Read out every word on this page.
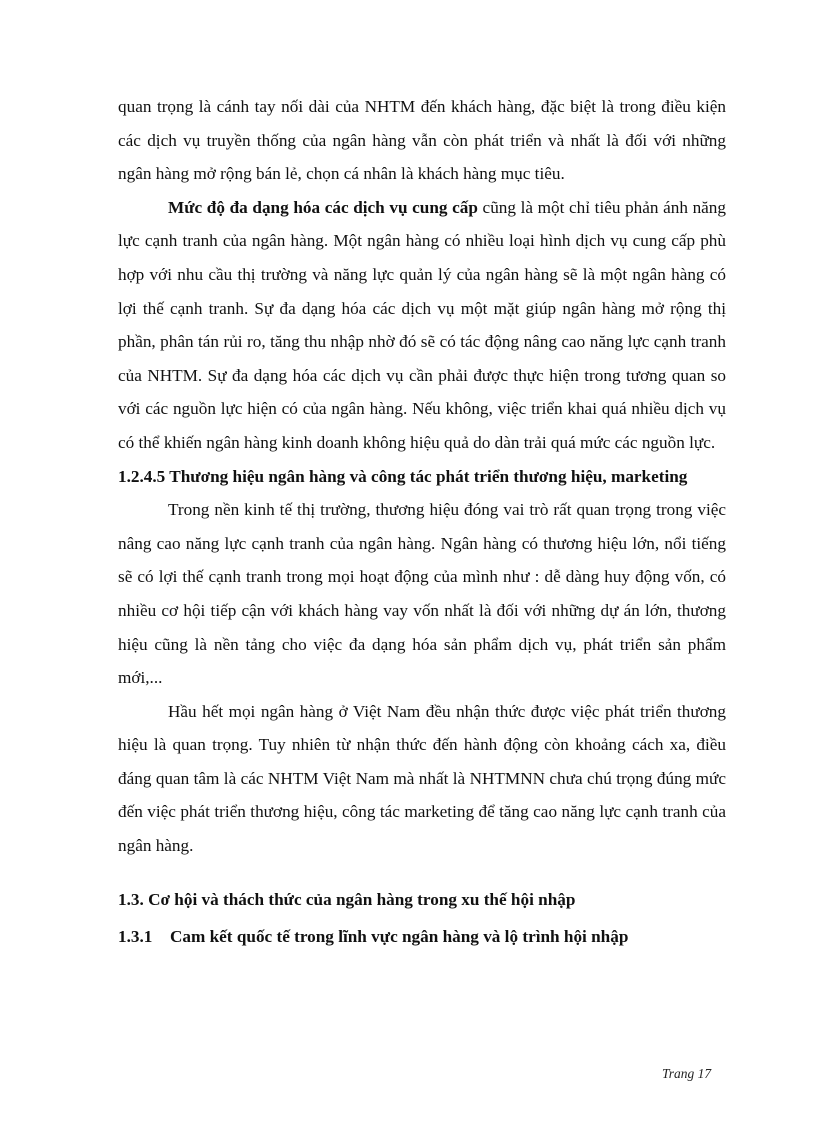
quan trọng là cánh tay nối dài của NHTM đến khách hàng, đặc biệt là trong điều kiện các dịch vụ truyền thống của ngân hàng vẫn còn phát triển và nhất là đối với những ngân hàng mở rộng bán lẻ, chọn cá nhân là khách hàng mục tiêu.

Mức độ đa dạng hóa các dịch vụ cung cấp cũng là một chỉ tiêu phản ánh năng lực cạnh tranh của ngân hàng. Một ngân hàng có nhiều loại hình dịch vụ cung cấp phù hợp với nhu cầu thị trường và năng lực quản lý của ngân hàng sẽ là một ngân hàng có lợi thế cạnh tranh. Sự đa dạng hóa các dịch vụ một mặt giúp ngân hàng mở rộng thị phần, phân tán rủi ro, tăng thu nhập nhờ đó sẽ có tác động nâng cao năng lực cạnh tranh của NHTM. Sự đa dạng hóa các dịch vụ cần phải được thực hiện trong tương quan so với các nguồn lực hiện có của ngân hàng. Nếu không, việc triển khai quá nhiều dịch vụ có thể khiến ngân hàng kinh doanh không hiệu quả do dàn trải quá mức các nguồn lực.

1.2.4.5 Thương hiệu ngân hàng và công tác phát triển thương hiệu, marketing

Trong nền kinh tế thị trường, thương hiệu đóng vai trò rất quan trọng trong việc nâng cao năng lực cạnh tranh của ngân hàng. Ngân hàng có thương hiệu lớn, nổi tiếng sẽ có lợi thế cạnh tranh trong mọi hoạt động của mình như : dễ dàng huy động vốn, có nhiều cơ hội tiếp cận với khách hàng vay vốn nhất là đối với những dự án lớn, thương hiệu cũng là nền tảng cho việc đa dạng hóa sản phẩm dịch vụ, phát triển sản phẩm mới,...

Hầu hết mọi ngân hàng ở Việt Nam đều nhận thức được việc phát triển thương hiệu là quan trọng. Tuy nhiên từ nhận thức đến hành động còn khoảng cách xa, điều đáng quan tâm là các NHTM Việt Nam mà nhất là NHTMNN chưa chú trọng đúng mức đến việc phát triển thương hiệu, công tác marketing để tăng cao năng lực cạnh tranh của ngân hàng.

1.3. Cơ hội và thách thức của ngân hàng trong xu thế hội nhập

1.3.1 Cam kết quốc tế trong lĩnh vực ngân hàng và lộ trình hội nhập

Trang 17
